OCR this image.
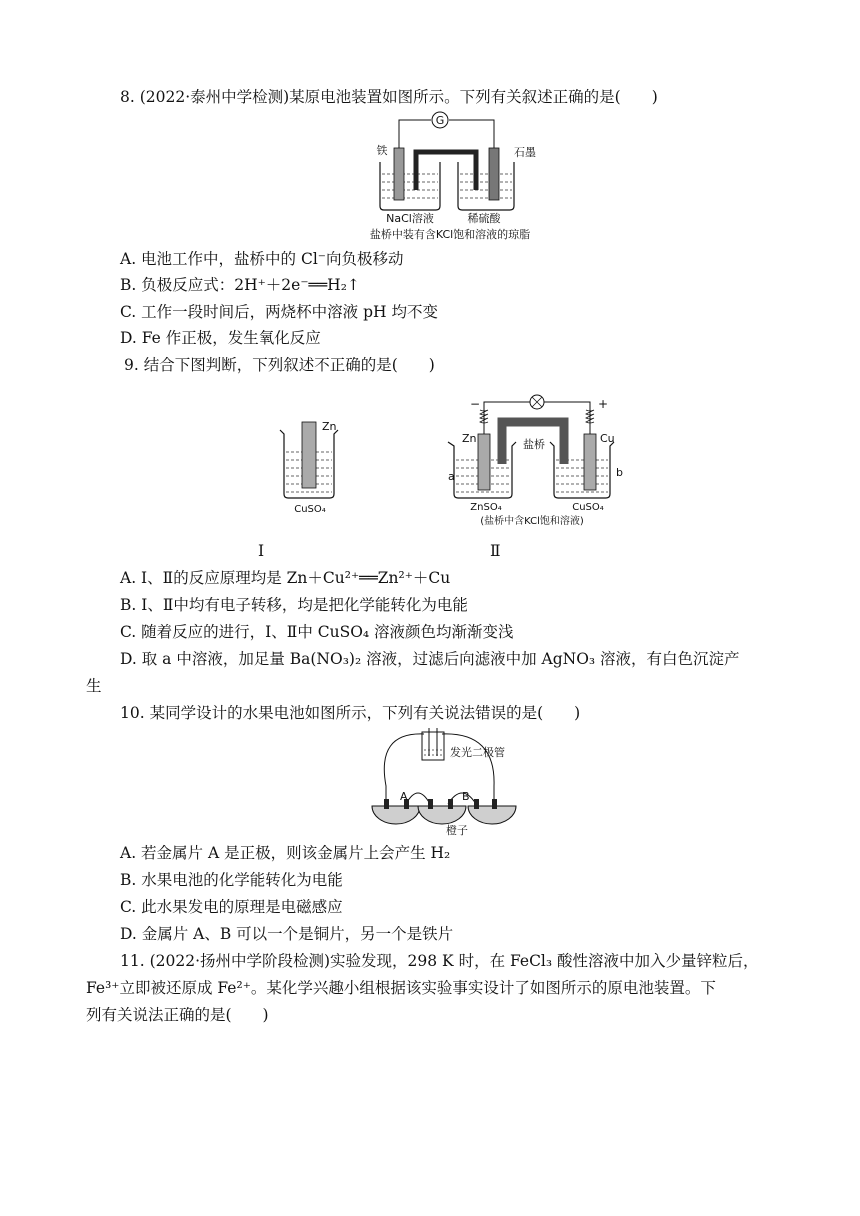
8. (2022·泰州中学检测)某原电池装置如图所示。下列有关叙述正确的是(　　)
G
铁	石墨
NaCl溶液	稀硫酸
盐桥中装有含KCl饱和溶液的琼脂
A. 电池工作中，盐桥中的 Cl⁻向负极移动
B. 负极反应式：2H⁺＋2e⁻══H₂↑
C. 工作一段时间后，两烧杯中溶液 pH 均不变
D. Fe 作正极，发生氧化反应
9. 结合下图判断，下列叙述不正确的是(　　)
Zn
CuSO₄
−	+
盐桥
Zn	Cu
a	b
ZnSO₄	CuSO₄
(盐桥中含KCl饱和溶液)
Ⅰ	Ⅱ
A. Ⅰ、Ⅱ的反应原理均是 Zn＋Cu²⁺══Zn²⁺＋Cu
B. Ⅰ、Ⅱ中均有电子转移，均是把化学能转化为电能
C. 随着反应的进行，Ⅰ、Ⅱ中 CuSO₄ 溶液颜色均渐渐变浅
D. 取 a 中溶液，加足量 Ba(NO₃)₂ 溶液，过滤后向滤液中加 AgNO₃ 溶液，有白色沉淀产
生
10. 某同学设计的水果电池如图所示，下列有关说法错误的是(　　)
发光二极管
A	B
橙子
A. 若金属片 A 是正极，则该金属片上会产生 H₂
B. 水果电池的化学能转化为电能
C. 此水果发电的原理是电磁感应
D. 金属片 A、B 可以一个是铜片，另一个是铁片
11. (2022·扬州中学阶段检测)实验发现，298 K 时，在 FeCl₃ 酸性溶液中加入少量锌粒后，
Fe³⁺立即被还原成 Fe²⁺。某化学兴趣小组根据该实验事实设计了如图所示的原电池装置。下
列有关说法正确的是(　　)
